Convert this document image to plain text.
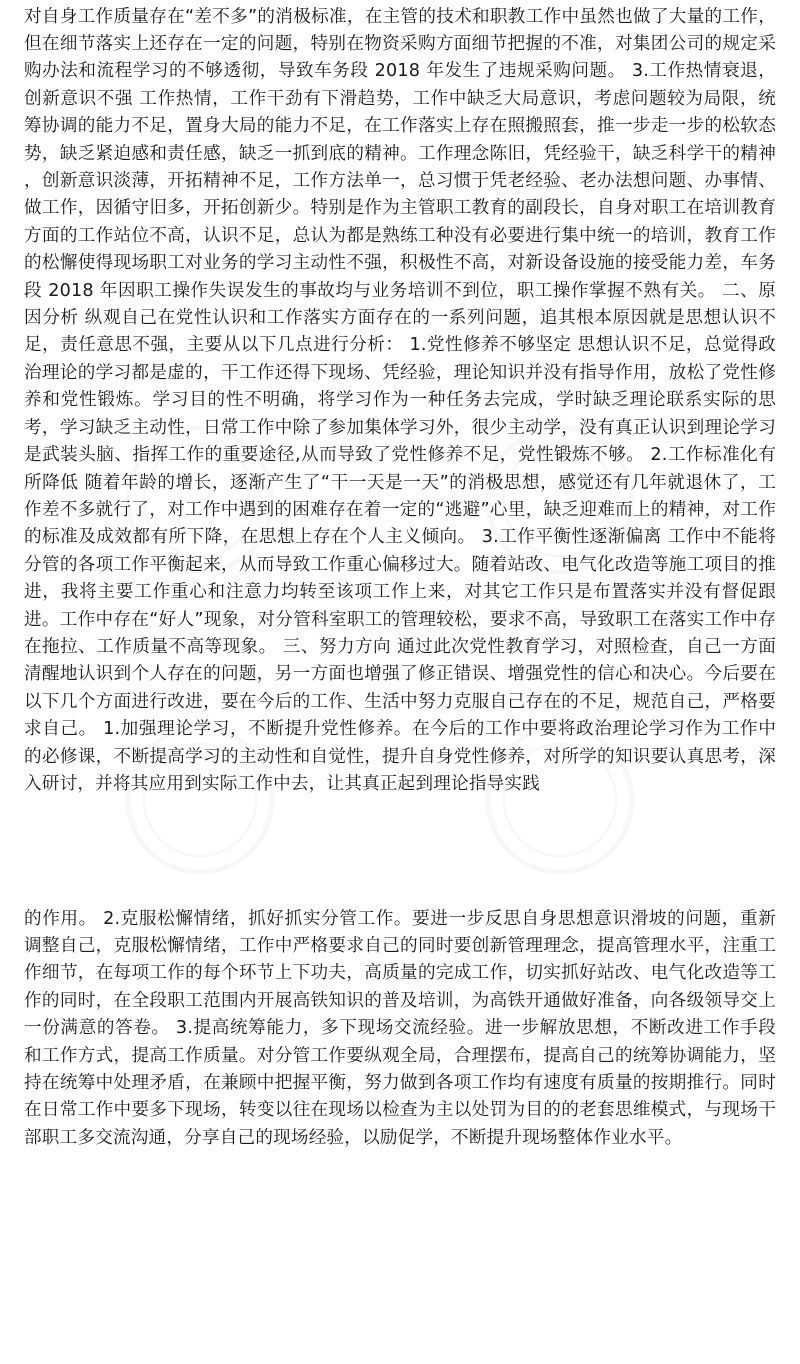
对自身工作质量存在“差不多”的消极标准，在主管的技术和职教工作中虽然也做了大量的工作，但在细节落实上还存在一定的问题，特别在物资采购方面细节把握的不准，对集团公司的规定采购办法和流程学习的不够透彻，导致车务段 2018 年发生了违规采购问题。 3.工作热情衰退，创新意识不强 工作热情，工作干劲有下滑趋势，工作中缺乏大局意识，考虑问题较为局限，统筹协调的能力不足，置身大局的能力不足，在工作落实上存在照搬照套，推一步走一步的松软态势，缺乏紧迫感和责任感，缺乏一抓到底的精神。工作理念陈旧，凭经验干，缺乏科学干的精神 ，创新意识淡薄，开拓精神不足，工作方法单一，总习惯于凭老经验、老办法想问题、办事情、做工作，因循守旧多，开拓创新少。特别是作为主管职工教育的副段长，自身对职工在培训教育方面的工作站位不高，认识不足，总认为都是熟练工种没有必要进行集中统一的培训，教育工作的松懈使得现场职工对业务的学习主动性不强，积极性不高，对新设备设施的接受能力差，车务段 2018 年因职工操作失误发生的事故均与业务培训不到位，职工操作掌握不熟有关。 二、原因分析 纵观自己在党性认识和工作落实方面存在的一系列问题，追其根本原因就是思想认识不足，责任意思不强，主要从以下几点进行分析： 1.党性修养不够坚定 思想认识不足，总觉得政治理论的学习都是虚的，干工作还得下现场、凭经验，理论知识并没有指导作用，放松了党性修养和党性锻炼。学习目的性不明确，将学习作为一种任务去完成，学时缺乏理论联系实际的思考，学习缺乏主动性，日常工作中除了参加集体学习外，很少主动学，没有真正认识到理论学习是武装头脑、指挥工作的重要途径,从而导致了党性修养不足，党性锻炼不够。 2.工作标准化有所降低 随着年龄的增长，逐渐产生了“干一天是一天”的消极思想，感觉还有几年就退休了，工作差不多就行了，对工作中遇到的困难存在着一定的“逃避”心里，缺乏迎难而上的精神，对工作的标准及成效都有所下降，在思想上存在个人主义倾向。 3.工作平衡性逐渐偏离 工作中不能将分管的各项工作平衡起来，从而导致工作重心偏移过大。随着站改、电气化改造等施工项目的推进，我将主要工作重心和注意力均转至该项工作上来，对其它工作只是布置落实并没有督促跟进。工作中存在“好人”现象，对分管科室职工的管理较松，要求不高，导致职工在落实工作中存在拖拉、工作质量不高等现象。 三、努力方向 通过此次党性教育学习，对照检查，自己一方面清醒地认识到个人存在的问题，另一方面也增强了修正错误、增强党性的信心和决心。今后要在以下几个方面进行改进，要在今后的工作、生活中努力克服自己存在的不足，规范自己，严格要求自己。 1.加强理论学习，不断提升党性修养。在今后的工作中要将政治理论学习作为工作中的必修课，不断提高学习的主动性和自觉性，提升自身党性修养，对所学的知识要认真思考，深入研讨，并将其应用到实际工作中去，让其真正起到理论指导实践

的作用。 2.克服松懈情绪，抓好抓实分管工作。要进一步反思自身思想意识滑坡的问题，重新调整自己，克服松懈情绪，工作中严格要求自己的同时要创新管理理念，提高管理水平，注重工作细节，在每项工作的每个环节上下功夫，高质量的完成工作，切实抓好站改、电气化改造等工作的同时，在全段职工范围内开展高铁知识的普及培训，为高铁开通做好准备，向各级领导交上一份满意的答卷。 3.提高统筹能力，多下现场交流经验。进一步解放思想，不断改进工作手段和工作方式，提高工作质量。对分管工作要纵观全局，合理摆布，提高自己的统筹协调能力，坚持在统筹中处理矛盾，在兼顾中把握平衡，努力做到各项工作均有速度有质量的按期推行。同时在日常工作中要多下现场，转变以往在现场以检查为主以处罚为目的的老套思维模式，与现场干部职工多交流沟通，分享自己的现场经验，以励促学，不断提升现场整体作业水平。
